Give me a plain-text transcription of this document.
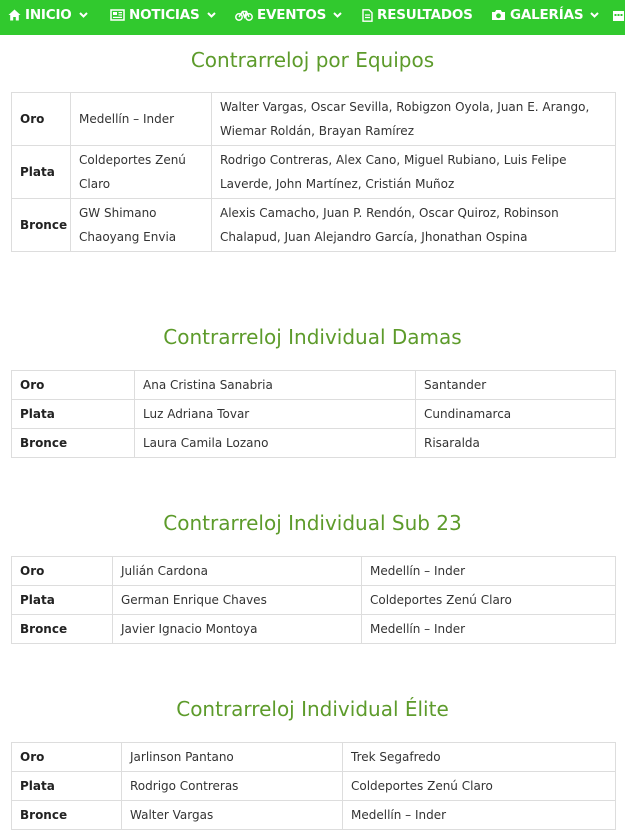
INICIO	NOTICIAS	EVENTOS	RESULTADOS	GALERÍAS
Contrarreloj por Equipos
Oro	Medellín – Inder	Walter Vargas, Oscar Sevilla, Robigzon Oyola, Juan E. Arango, Wiemar Roldán, Brayan Ramírez
Plata	Coldeportes Zenú Claro	Rodrigo Contreras, Alex Cano, Miguel Rubiano, Luis Felipe Laverde, John Martínez, Cristián Muñoz
Bronce	GW Shimano Chaoyang Envia	Alexis Camacho, Juan P. Rendón, Oscar Quiroz, Robinson Chalapud, Juan Alejandro García, Jhonathan Ospina
Contrarreloj Individual Damas
Oro	Ana Cristina Sanabria	Santander
Plata	Luz Adriana Tovar	Cundinamarca
Bronce	Laura Camila Lozano	Risaralda
Contrarreloj Individual Sub 23
Oro	Julián Cardona	Medellín – Inder
Plata	German Enrique Chaves	Coldeportes Zenú Claro
Bronce	Javier Ignacio Montoya	Medellín – Inder
Contrarreloj Individual Élite
Oro	Jarlinson Pantano	Trek Segafredo
Plata	Rodrigo Contreras	Coldeportes Zenú Claro
Bronce	Walter Vargas	Medellín – Inder
